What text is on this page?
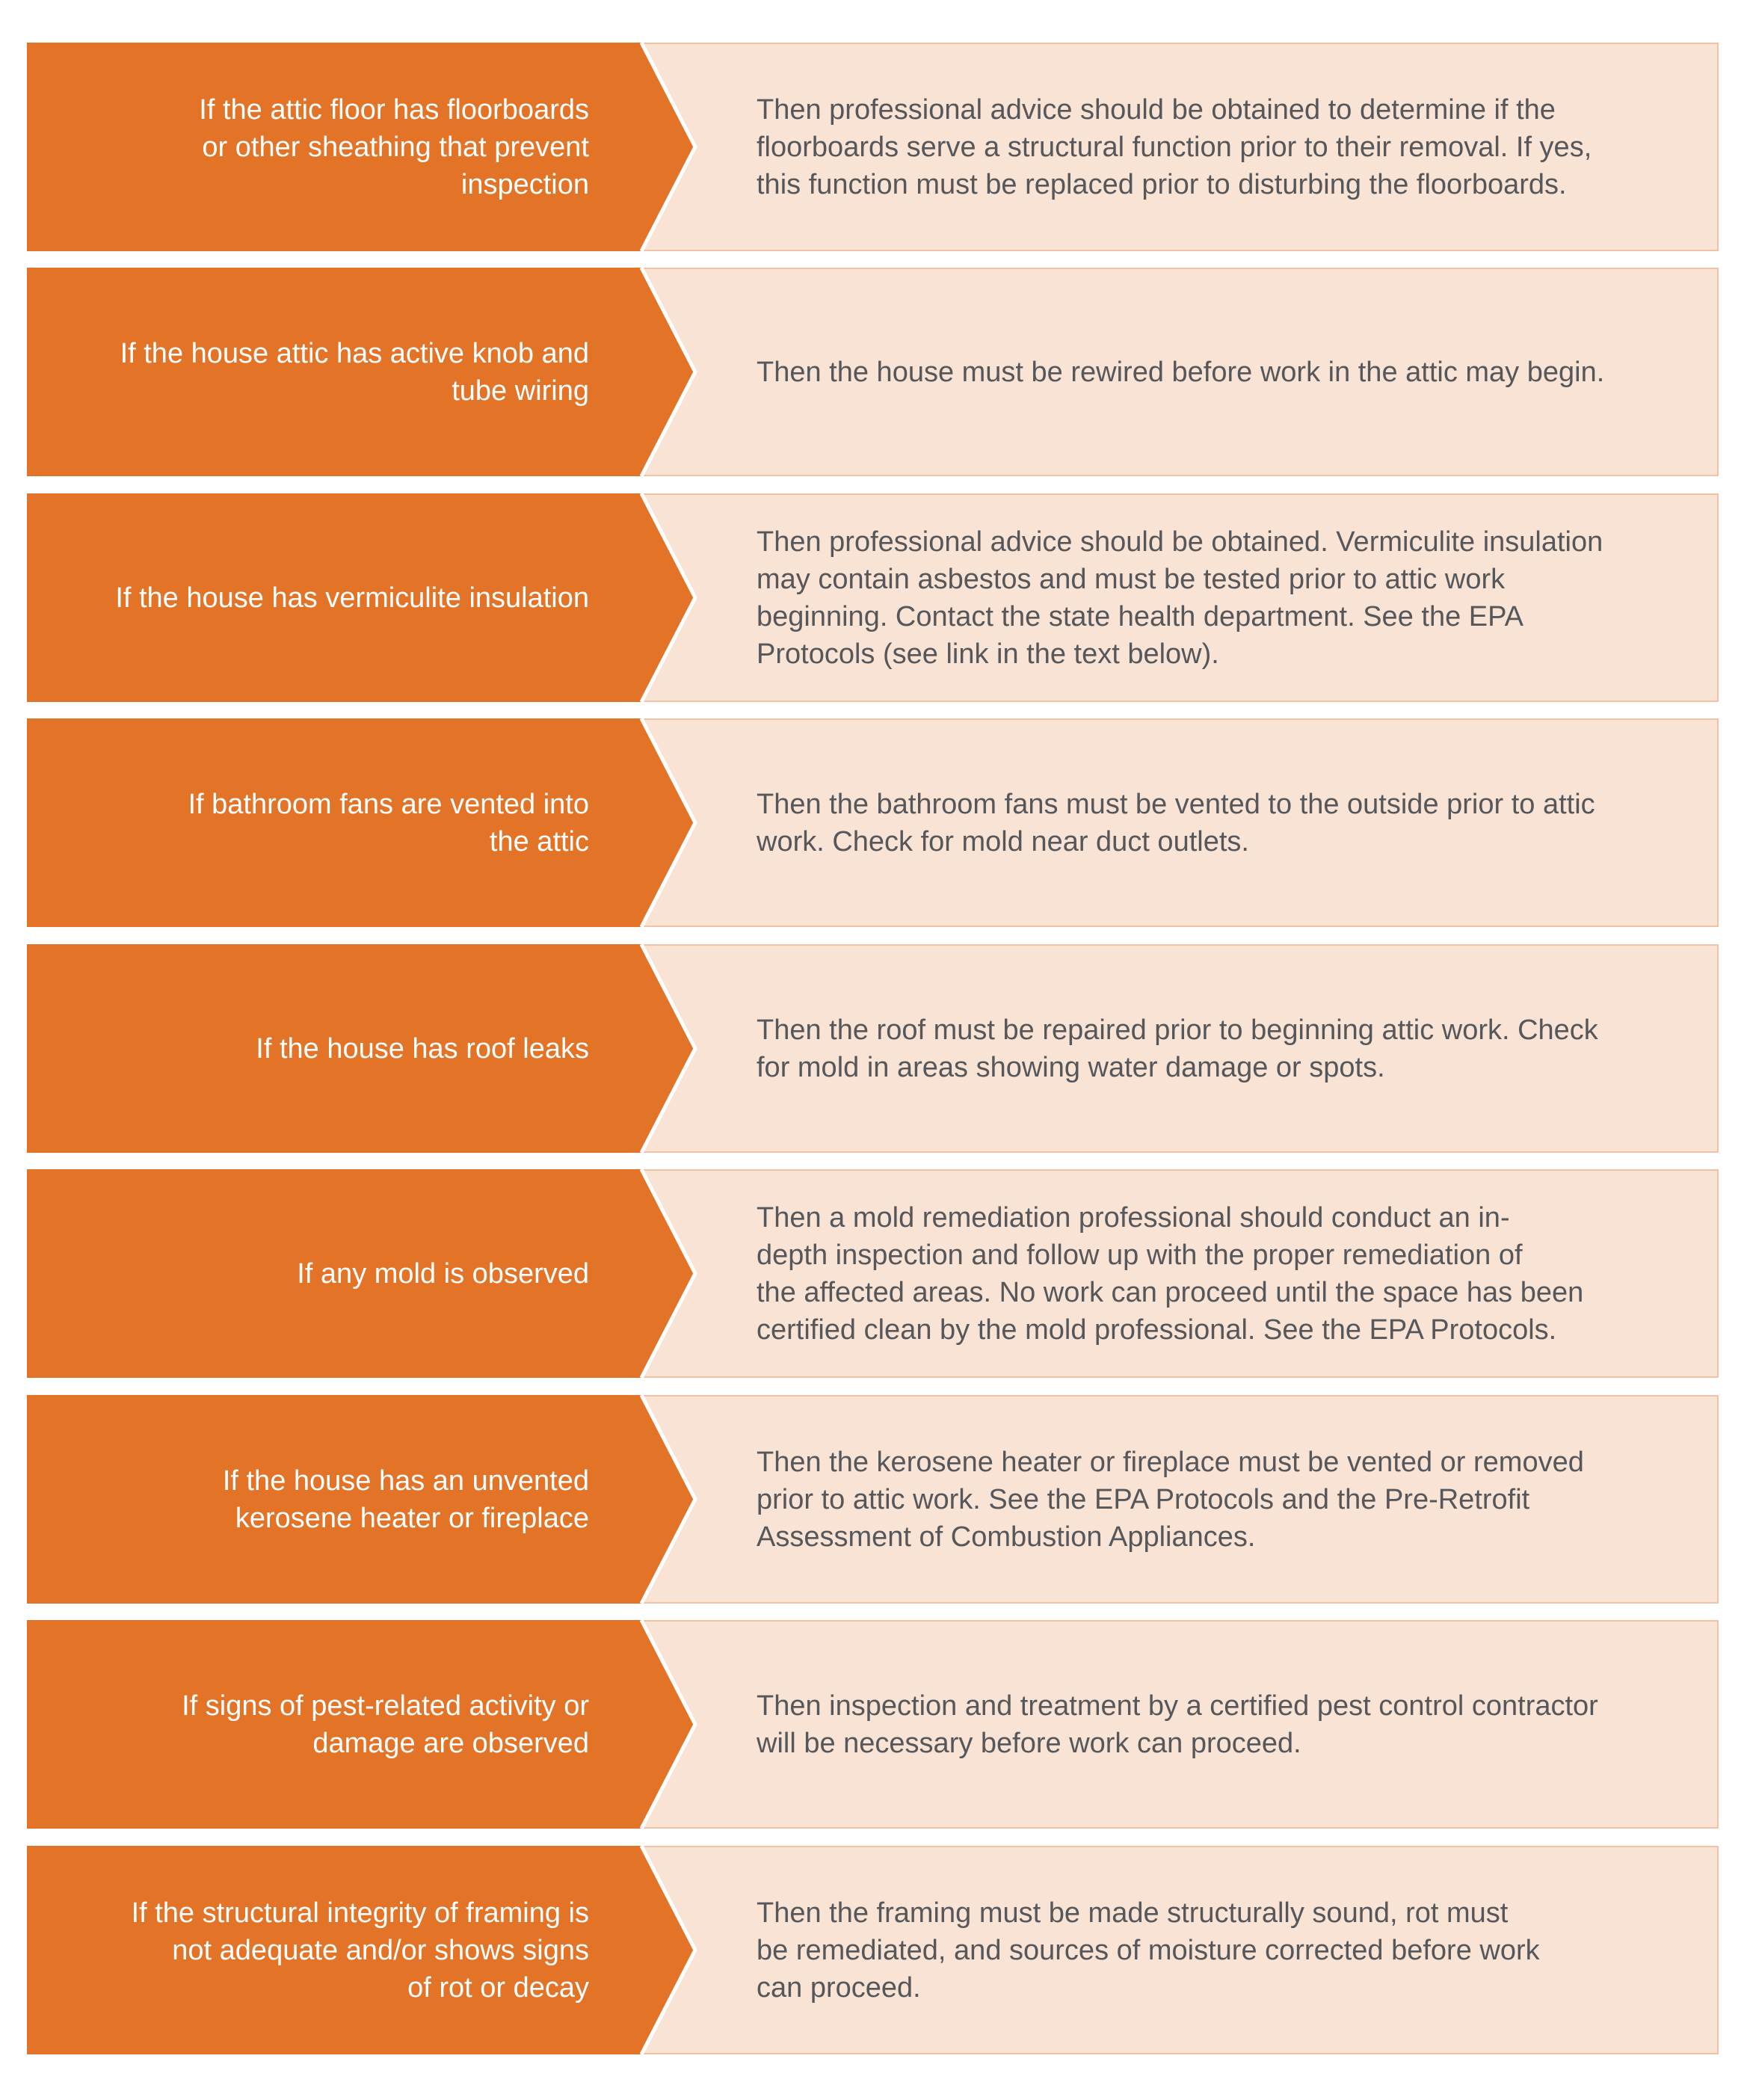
If the attic floor has floorboards
or other sheathing that prevent
inspection
Then professional advice should be obtained to determine if the
floorboards serve a structural function prior to their removal. If yes,
this function must be replaced prior to disturbing the floorboards.
If the house attic has active knob and
tube wiring
Then the house must be rewired before work in the attic may begin.
If the house has vermiculite insulation
Then professional advice should be obtained. Vermiculite insulation
may contain asbestos and must be tested prior to attic work
beginning. Contact the state health department. See the EPA
Protocols (see link in the text below).
If bathroom fans are vented into
the attic
Then the bathroom fans must be vented to the outside prior to attic
work. Check for mold near duct outlets.
If the house has roof leaks
Then the roof must be repaired prior to beginning attic work. Check
for mold in areas showing water damage or spots.
If any mold is observed
Then a mold remediation professional should conduct an in-
depth inspection and follow up with the proper remediation of
the affected areas. No work can proceed until the space has been
certified clean by the mold professional. See the EPA Protocols.
If the house has an unvented
kerosene heater or fireplace
Then the kerosene heater or fireplace must be vented or removed
prior to attic work. See the EPA Protocols and the Pre-Retrofit
Assessment of Combustion Appliances.
If signs of pest-related activity or
damage are observed
Then inspection and treatment by a certified pest control contractor
will be necessary before work can proceed.
If the structural integrity of framing is
not adequate and/or shows signs
of rot or decay
Then the framing must be made structurally sound, rot must
be remediated, and sources of moisture corrected before work
can proceed.
